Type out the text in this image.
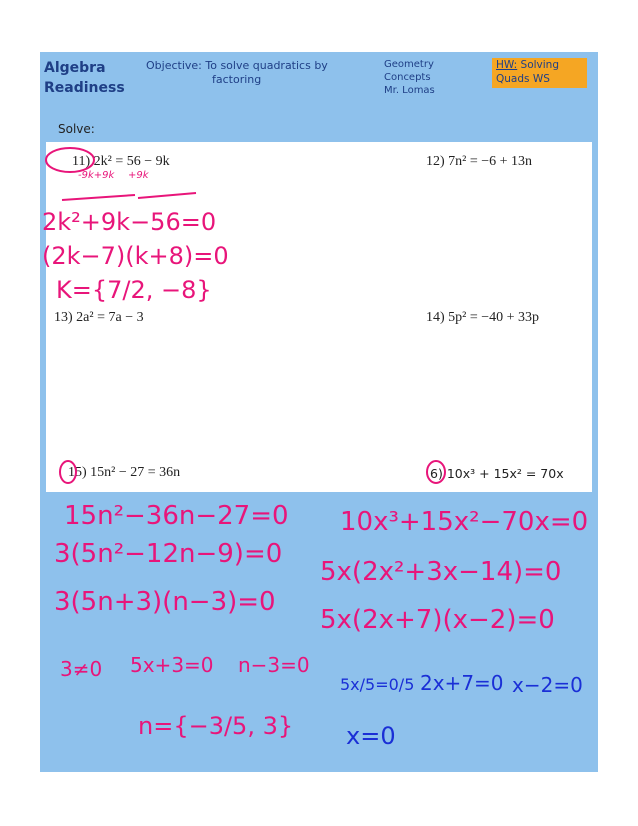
Algebra
Readiness
Objective: To solve quadratics by
factoring
Geometry
Concepts
Mr. Lomas
HW: Solving
Quads WS
Solve:
11) 2k² = 56 − 9k	12) 7n² = −6 + 13n
13) 2a² = 7a − 3	14) 5p² = −40 + 33p
15) 15n² − 27 = 36n	6) 10x³ + 15x² = 70x
-9k+9k +9k
2k²+9k−56=0
(2k−7)(k+8)=0
K={7/2, −8}
15n²−36n−27=0
3(5n²−12n−9)=0
3(5n+3)(n−3)=0
3≠0 5x+3=0 n−3=0
n={−3/5, 3}
10x³+15x²−70x=0
5x(2x²+3x−14)=0
5x(2x+7)(x−2)=0
5x/5=0/5 2x+7=0 x−2=0
x=0
